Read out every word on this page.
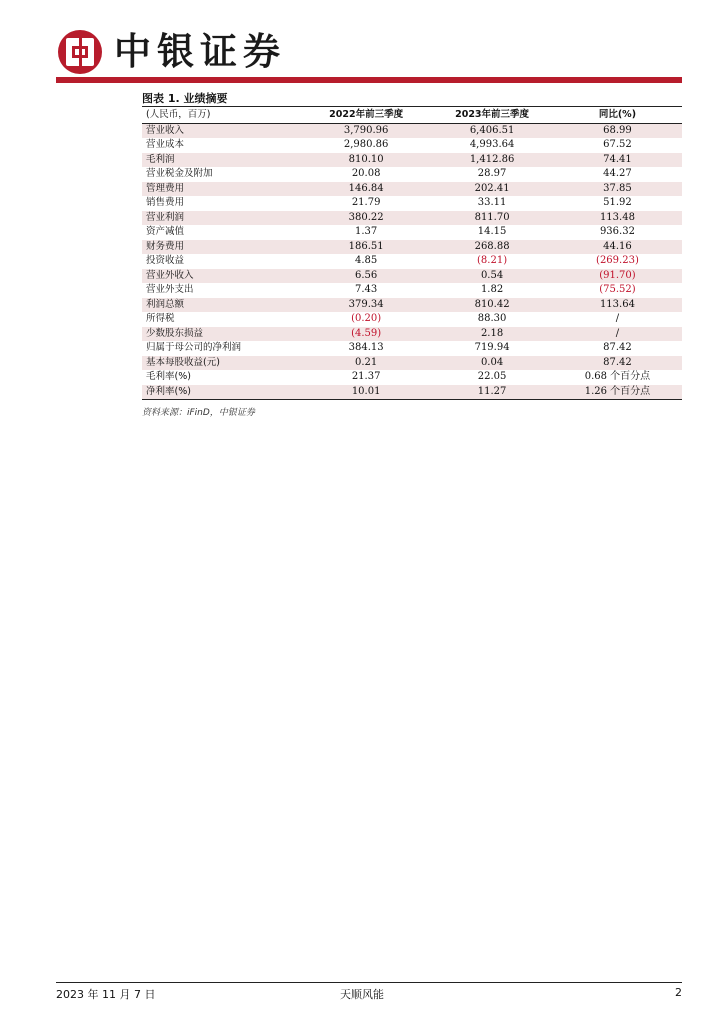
中银证券
图表 1. 业绩摘要
(人民币，百万)	2022年前三季度	2023年前三季度	同比(%)
营业收入	3,790.96	6,406.51	68.99
营业成本	2,980.86	4,993.64	67.52
毛利润	810.10	1,412.86	74.41
营业税金及附加	20.08	28.97	44.27
管理费用	146.84	202.41	37.85
销售费用	21.79	33.11	51.92
营业利润	380.22	811.70	113.48
资产减值	1.37	14.15	936.32
财务费用	186.51	268.88	44.16
投资收益	4.85	(8.21)	(269.23)
营业外收入	6.56	0.54	(91.70)
营业外支出	7.43	1.82	(75.52)
利润总额	379.34	810.42	113.64
所得税	(0.20)	88.30	/
少数股东损益	(4.59)	2.18	/
归属于母公司的净利润	384.13	719.94	87.42
基本每股收益(元)	0.21	0.04	87.42
毛利率(%)	21.37	22.05	0.68 个百分点
净利率(%)	10.01	11.27	1.26 个百分点
资料来源：iFinD，中银证券
2023 年 11 月 7 日	天顺风能	2
